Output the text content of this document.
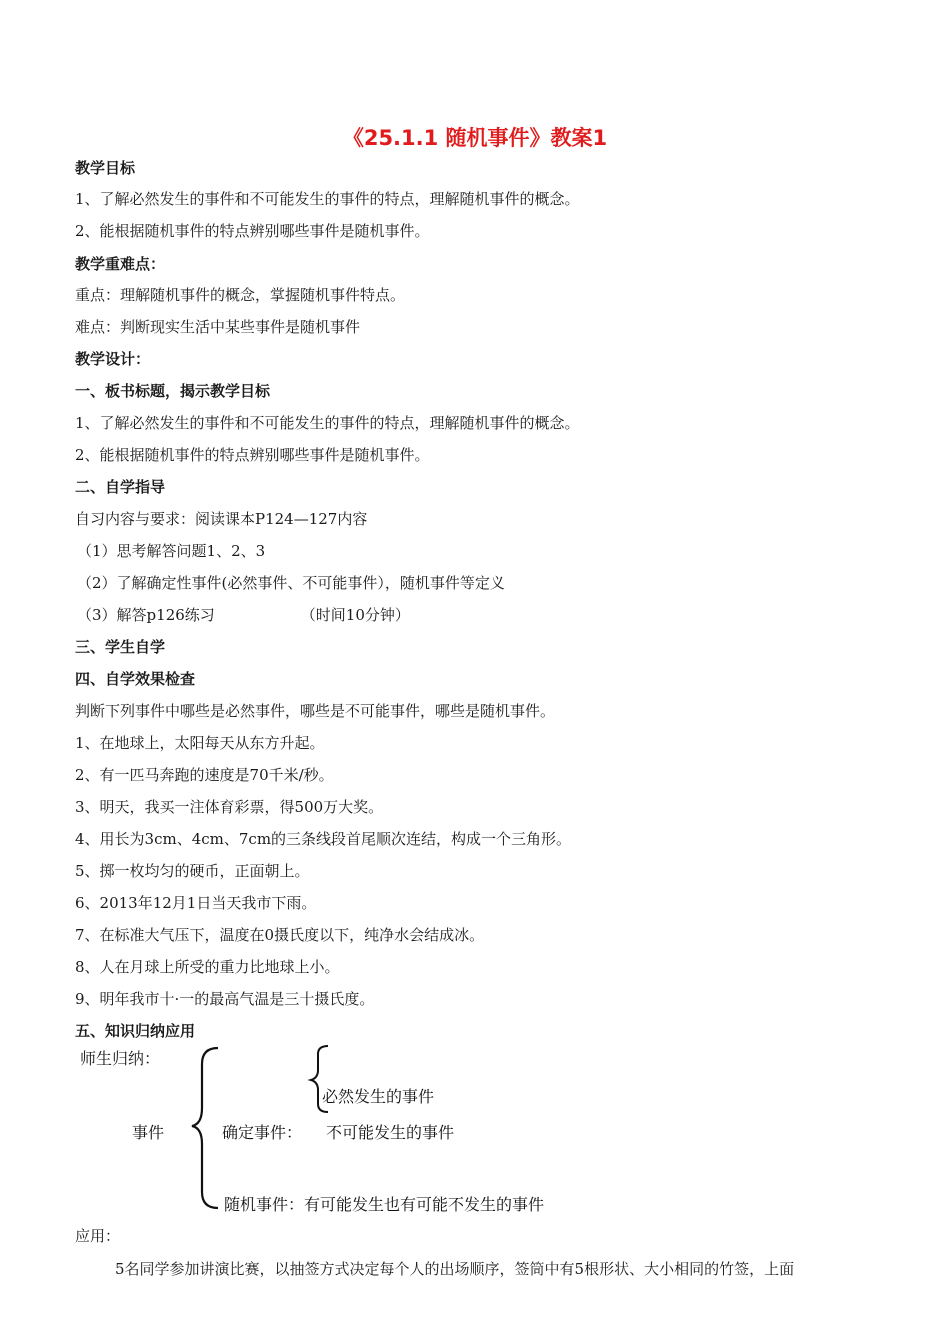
《25.1.1 随机事件》教案1
教学目标
1、了解必然发生的事件和不可能发生的事件的特点，理解随机事件的概念。
2、能根据随机事件的特点辨别哪些事件是随机事件。
教学重难点：
重点：理解随机事件的概念，掌握随机事件特点。
难点：判断现实生活中某些事件是随机事件
教学设计：
一、板书标题，揭示教学目标
1、了解必然发生的事件和不可能发生的事件的特点，理解随机事件的概念。
2、能根据随机事件的特点辨别哪些事件是随机事件。
二、自学指导
自习内容与要求：阅读课本P124—127内容
（1）思考解答问题1、2、3
（2）了解确定性事件(必然事件、不可能事件），随机事件等定义
（3）解答p126练习	（时间10分钟）
三、学生自学
四、自学效果检查
判断下列事件中哪些是必然事件，哪些是不可能事件，哪些是随机事件。
1、在地球上，太阳每天从东方升起。
2、有一匹马奔跑的速度是70千米/秒。
3、明天，我买一注体育彩票，得500万大奖。
4、用长为3cm、4cm、7cm的三条线段首尾顺次连结，构成一个三角形。
5、掷一枚均匀的硬币，正面朝上。
6、2013年12月1日当天我市下雨。
7、在标准大气压下，温度在0摄氏度以下，纯净水会结成冰。
8、人在月球上所受的重力比地球上小。
9、明年我市十·一的最高气温是三十摄氏度。
五、知识归纳应用
师生归纳：
事件	确定事件：
必然发生的事件
不可能发生的事件
随机事件：有可能发生也有可能不发生的事件
应用：
5名同学参加讲演比赛，以抽签方式决定每个人的出场顺序，签筒中有5根形状、大小相同的竹签，上面
